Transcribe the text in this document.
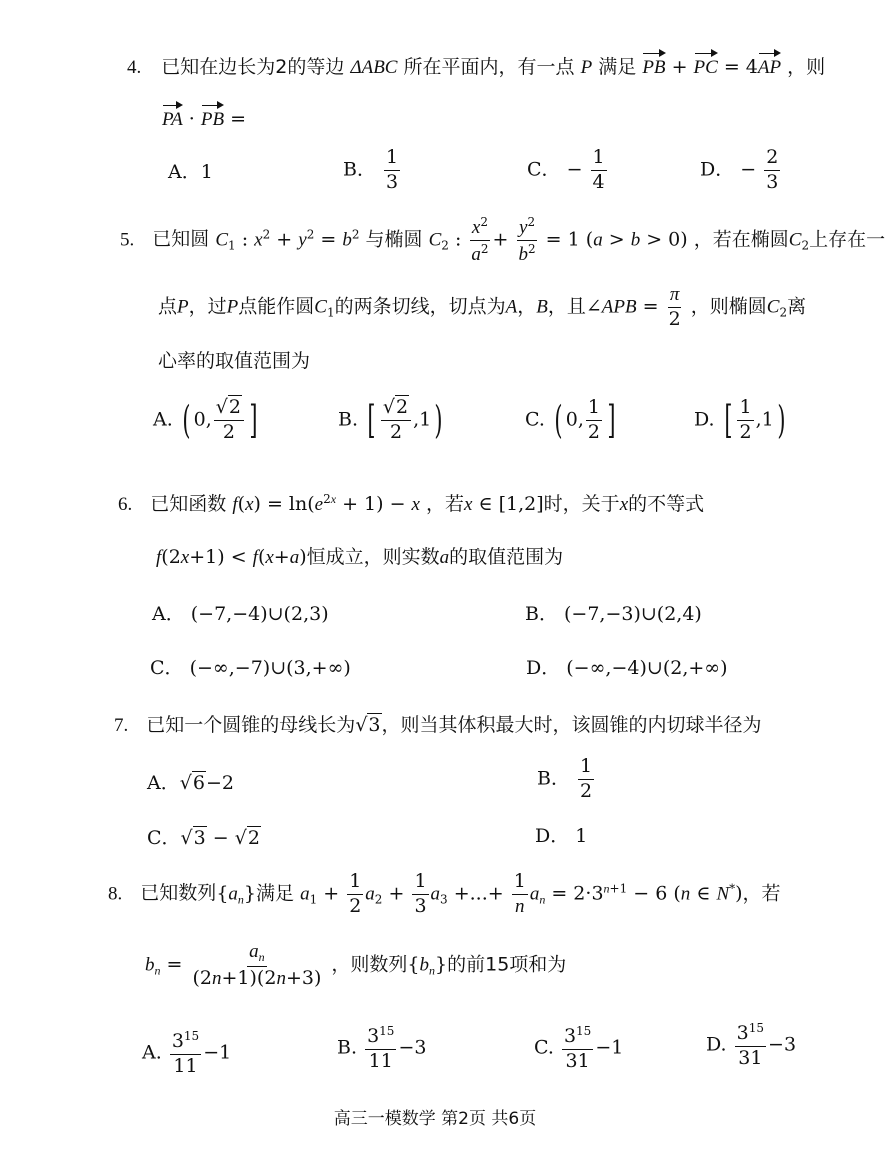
4. 已知在边长为2的等边 ΔABC 所在平面内，有一点 P 满足 PB + PC = 4AP ，则
PA · PB =
A．1	B． $\frac{1}{3}$	C． − $\frac{1}{4}$	D． − $\frac{2}{3}$
5. 已知圆 $C_1$ : $x^2 + y^2 = b^2$ 与椭圆 $C_2$ : $\frac{x^2}{a^2} + \frac{y^2}{b^2} = 1$ (a > b > 0) ，若在椭圆$C_2$上存在一
点P，过P点能作圆$C_1$的两条切线，切点为A，B，且∠APB = $\frac{\pi}{2}$ ，则椭圆$C_2$离
心率的取值范围为
A. ( 0, $\frac{√2}{2}$ ]	B. [ $\frac{√2}{2} ,1$)	C. ( 0, $\frac{1}{2}$ ]	D. [ $\frac{1}{2} ,1$)
6. 已知函数 $f(x) = \ln(e^{2x} + 1) - x$ ，若x ∈ [1,2]时，关于x的不等式
f(2x+1) < f(x+a)恒成立，则实数a的取值范围为
A． (−7,−4)∪(2,3)	B． (−7,−3)∪(2,4)
C． (−∞,−7)∪(3,+∞)	D． (−∞,−4)∪(2,+∞)
7. 已知一个圆锥的母线长为√3，则当其体积最大时，该圆锥的内切球半径为
A．√6−2	B． $\frac{1}{2}$
C．√3 − √2	D． 1
8. 已知数列$\{a_n\}$满足 $a_1 + \frac{1}{2} a_2 + \frac{1}{3} a_3$ +...+ $\frac{1}{n} a_n = 2\cdot 3^{n+1} - 6$ (n ∈ N*)，若
$b_n = \frac{a_n}{(2n+1)(2n+3)}$ ，则数列$\{b_n\}$的前15项和为
A. $\frac{3^{15}}{11} -1$	B. $\frac{3^{15}}{11} -3$	C. $\frac{3^{15}}{31} -1$	D. $\frac{3^{15}}{31} -3$
高三一模数学 第2页 共6页
